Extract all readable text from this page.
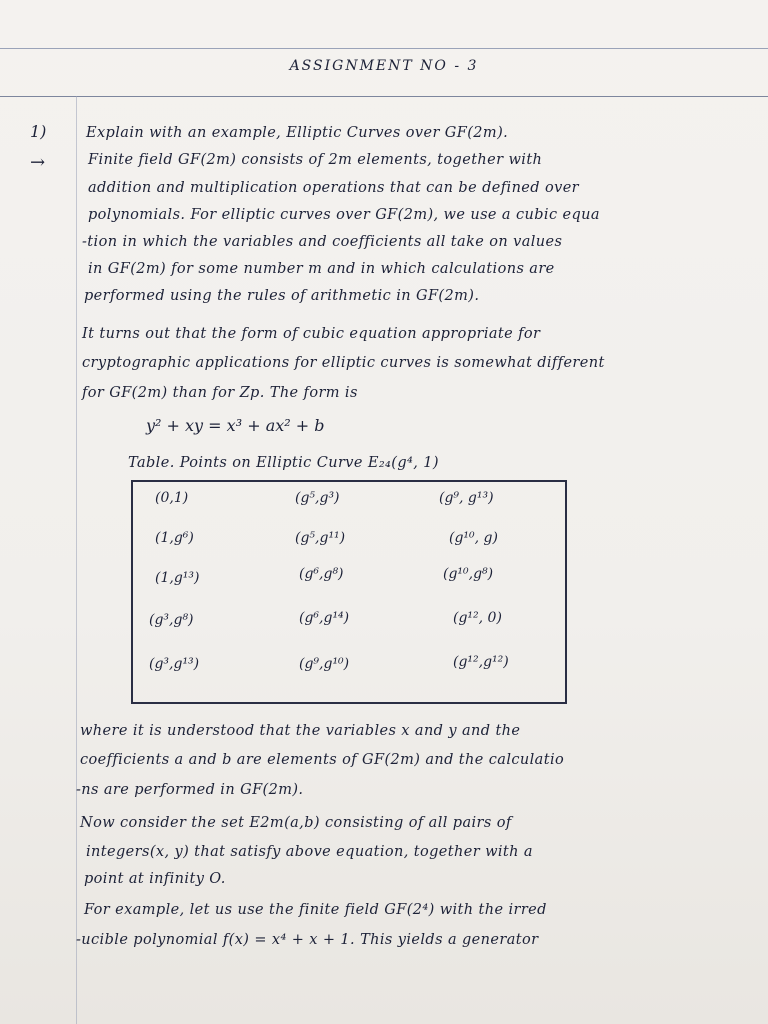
ASSIGNMENT NO - 3
1)
→
Explain with an example, Elliptic Curves over GF(2m).
Finite field GF(2m) consists of 2m elements, together with
addition and multiplication operations that can be defined over
polynomials. For elliptic curves over GF(2m), we use a cubic equa
-tion in which the variables and coefficients all take on values
in GF(2m) for some number m and in which calculations are
performed using the rules of arithmetic in GF(2m).
It turns out that the form of cubic equation appropriate for
cryptographic applications for elliptic curves is somewhat different
for GF(2m) than for Zp. The form is
y² + xy = x³ + ax² + b
Table. Points on Elliptic Curve E₂₄(g⁴, 1)
(0,1)	(g⁵,g³)	(g⁹, g¹³)
(1,g⁶)	(g⁵,g¹¹)	(g¹⁰, g)
(1,g¹³)	(g⁶,g⁸)	(g¹⁰,g⁸)
(g³,g⁸)	(g⁶,g¹⁴)	(g¹², 0)
(g³,g¹³)	(g⁹,g¹⁰)	(g¹²,g¹²)
where it is understood that the variables x and y and the
coefficients a and b are elements of GF(2m) and the calculatio
-ns are performed in GF(2m).
Now consider the set E2m(a,b) consisting of all pairs of
integers(x, y) that satisfy above equation, together with a
point at infinity O.
For example, let us use the finite field GF(2⁴) with the irred
-ucible polynomial f(x) = x⁴ + x + 1. This yields a generator
